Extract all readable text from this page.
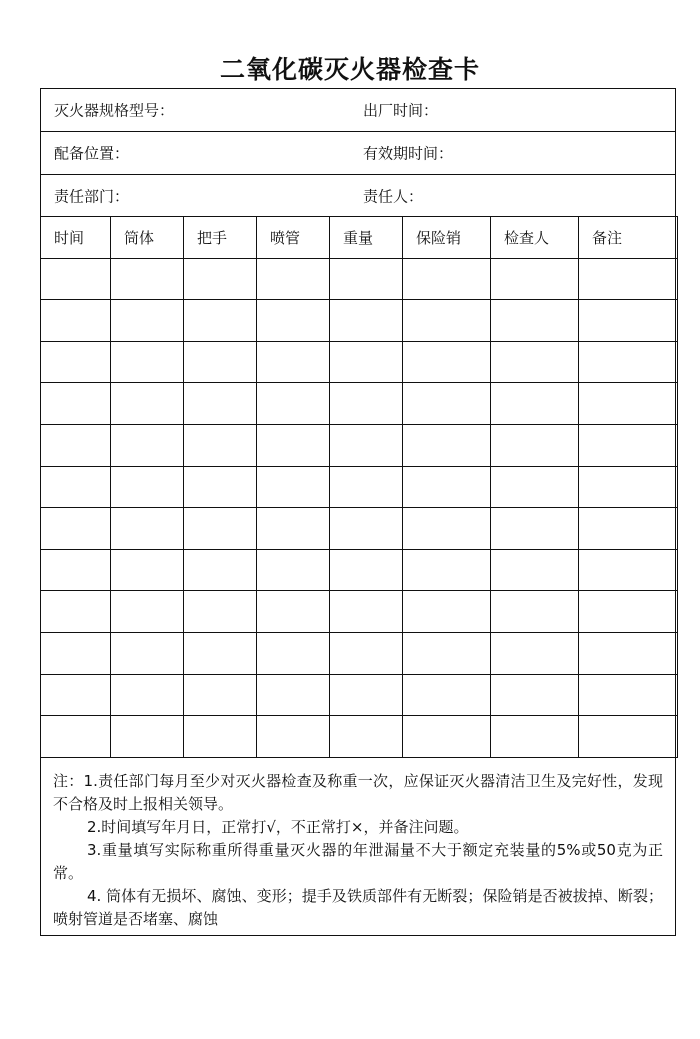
二氧化碳灭火器检查卡
灭火器规格型号：	出厂时间：
配备位置：	有效期时间：
责任部门：	责任人：
时间	筒体	把手	喷管	重量	保险销	检查人	备注

注：1.责任部门每月至少对灭火器检查及称重一次，应保证灭火器清洁卫生及完好性，发现不合格及时上报相关领导。

2.时间填写年月日，正常打√，不正常打×，并备注问题。

3.重量填写实际称重所得重量灭火器的年泄漏量不大于额定充装量的5%或50克为正常。

4. 筒体有无损坏、腐蚀、变形；提手及铁质部件有无断裂；保险销是否被拔掉、断裂；喷射管道是否堵塞、腐蚀
